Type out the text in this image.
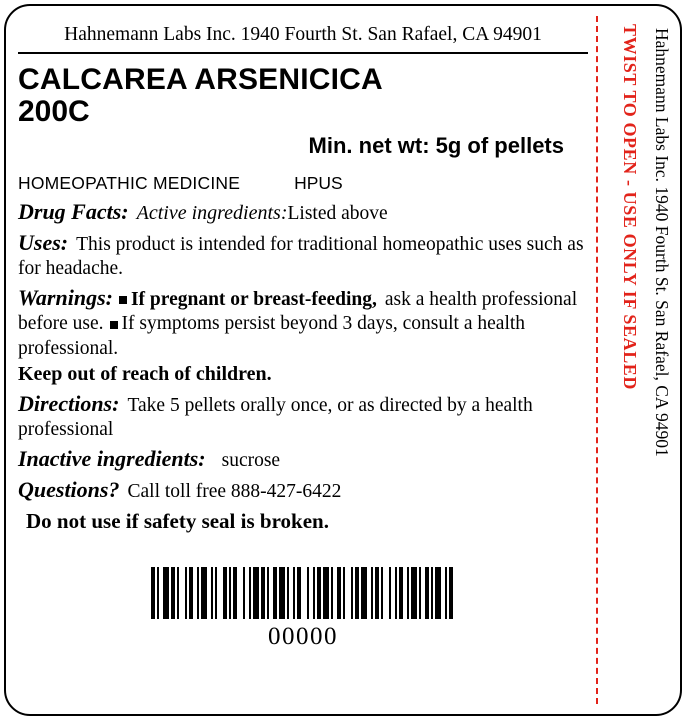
Hahnemann Labs Inc. 1940 Fourth St. San Rafael, CA 94901
CALCAREA ARSENICICA
200C
Min. net wt: 5g of pellets
HOMEOPATHIC MEDICINE	HPUS
Drug Facts: Active ingredients:Listed above
Uses: This product is intended for traditional homeopathic uses such as for headache.
Warnings: If pregnant or breast-feeding, ask a health professional before use. If symptoms persist beyond 3 days, consult a health professional.
Keep out of reach of children.
Directions: Take 5 pellets orally once, or as directed by a health professional
Inactive ingredients: sucrose
Questions? Call toll free 888-427-6422
Do not use if safety seal is broken.
00000
Hahnemann Labs Inc. 1940 Fourth St. San Rafael, CA 94901
TWIST TO OPEN - USE ONLY IF SEALED
